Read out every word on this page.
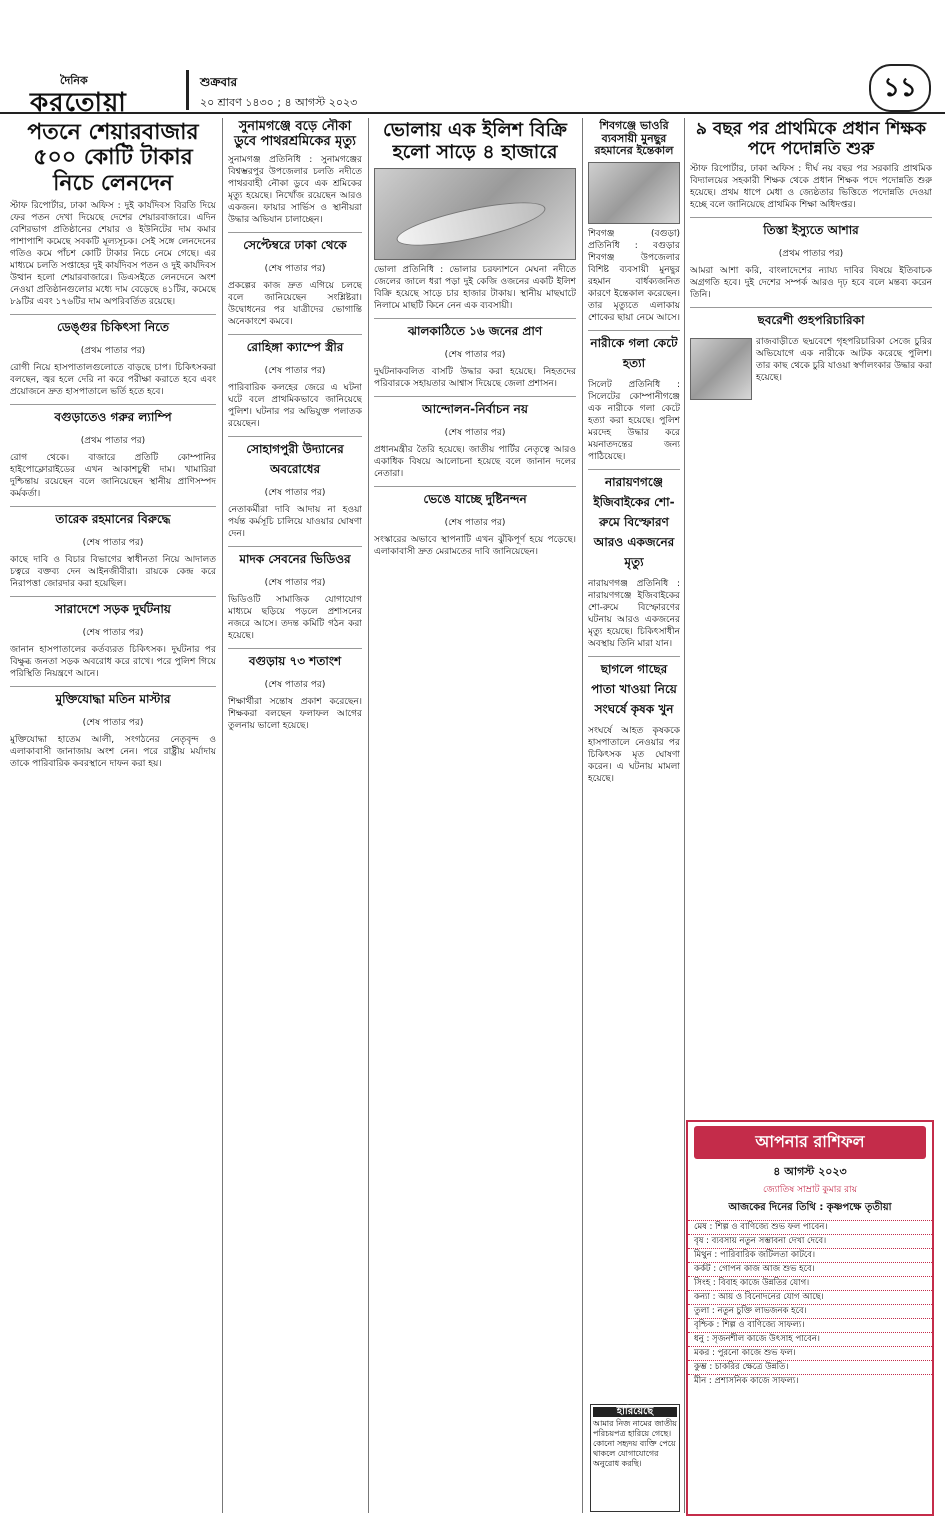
দৈনিক
করতোয়া
শুক্রবার
২০ শ্রাবণ ১৪৩০ ; ৪ আগস্ট ২০২৩	১১
পতনে শেয়ারবাজার ৫০০ কোটি টাকার নিচে লেনদেন
স্টাফ রিপোর্টার, ঢাকা অফিস : দুই কার্যদিবস বিরতি দিয়ে ফের পতন দেখা দিয়েছে দেশের শেয়ারবাজারে। এদিন বেশিরভাগ প্রতিষ্ঠানের শেয়ার ও ইউনিটের দাম কমার পাশাপাশি কমেছে সবকটি মূল্যসূচক। সেই সঙ্গে লেনদেনের গতিও কমে পাঁচশ কোটি টাকার নিচে নেমে গেছে। এর মাধ্যমে চলতি সপ্তাহের দুই কার্যদিবস পতন ও দুই কার্যদিবস উত্থান হলো শেয়ারবাজারে। ডিএসইতে লেনদেনে অংশ নেওয়া প্রতিষ্ঠানগুলোর মধ্যে দাম বেড়েছে ৪১টির, কমেছে ৮৯টির এবং ১৭৬টির দাম অপরিবর্তিত রয়েছে।
ডেঙ্গুর চিকিৎসা নিতে
(প্রথম পাতার পর)
রোগী নিয়ে হাসপাতালগুলোতে বাড়ছে চাপ। চিকিৎসকরা বলছেন, জ্বর হলে দেরি না করে পরীক্ষা করাতে হবে এবং প্রয়োজনে দ্রুত হাসপাতালে ভর্তি হতে হবে।
বগুড়াতেও গরুর ল্যাম্পি
(প্রথম পাতার পর)
রোগ থেকে। বাজারে প্রতিটি কোম্পানির হাইপোক্লোরাইডের এখন আকাশচুম্বী দাম। খামারিরা দুশ্চিন্তায় রয়েছেন বলে জানিয়েছেন স্থানীয় প্রাণিসম্পদ কর্মকর্তা।
তারেক রহমানের বিরুদ্ধে
(শেষ পাতার পর)
কাছে দাবি ও বিচার বিভাগের স্বাধীনতা নিয়ে আদালত চত্বরে বক্তব্য দেন আইনজীবীরা। রায়কে কেন্দ্র করে নিরাপত্তা জোরদার করা হয়েছিল।
সারাদেশে সড়ক দুর্ঘটনায়
(শেষ পাতার পর)
জানান হাসপাতালের কর্তব্যরত চিকিৎসক। দুর্ঘটনার পর বিক্ষুব্ধ জনতা সড়ক অবরোধ করে রাখে। পরে পুলিশ গিয়ে পরিস্থিতি নিয়ন্ত্রণে আনে।
মুক্তিযোদ্ধা মতিন মাস্টার
(শেষ পাতার পর)
মুক্তিযোদ্ধা হাতেম আলী, সংগঠনের নেতৃবৃন্দ ও এলাকাবাসী জানাজায় অংশ নেন। পরে রাষ্ট্রীয় মর্যাদায় তাকে পারিবারিক কবরস্থানে দাফন করা হয়।
সুনামগঞ্জে বড়ে নৌকা ডুবে পাথরশ্রমিকের মৃত্যু
সুনামগঞ্জ প্রতিনিধি : সুনামগঞ্জের বিশ্বম্ভরপুর উপজেলার চলতি নদীতে পাথরবাহী নৌকা ডুবে এক শ্রমিকের মৃত্যু হয়েছে। নিখোঁজ রয়েছেন আরও একজন। ফায়ার সার্ভিস ও স্থানীয়রা উদ্ধার অভিযান চালাচ্ছেন।
সেপ্টেম্বরে ঢাকা থেকে
(শেষ পাতার পর)
প্রকল্পের কাজ দ্রুত এগিয়ে চলছে বলে জানিয়েছেন সংশ্লিষ্টরা। উদ্বোধনের পর যাত্রীদের ভোগান্তি অনেকাংশে কমবে।
রোহিঙ্গা ক্যাম্পে স্ত্রীর
(শেষ পাতার পর)
পারিবারিক কলহের জেরে এ ঘটনা ঘটে বলে প্রাথমিকভাবে জানিয়েছে পুলিশ। ঘটনার পর অভিযুক্ত পলাতক রয়েছেন।
সোহাগপুরী উদ্যানের অবরোধের
(শেষ পাতার পর)
নেতাকর্মীরা দাবি আদায় না হওয়া পর্যন্ত কর্মসূচি চালিয়ে যাওয়ার ঘোষণা দেন।
মাদক সেবনের ভিডিওর
(শেষ পাতার পর)
ভিডিওটি সামাজিক যোগাযোগ মাধ্যমে ছড়িয়ে পড়লে প্রশাসনের নজরে আসে। তদন্ত কমিটি গঠন করা হয়েছে।
বগুড়ায় ৭৩ শতাংশ
(শেষ পাতার পর)
শিক্ষার্থীরা সন্তোষ প্রকাশ করেছেন। শিক্ষকরা বলছেন ফলাফল আগের তুলনায় ভালো হয়েছে।
ভোলায় এক ইলিশ বিক্রি হলো সাড়ে ৪ হাজারে
ভোলা প্রতিনিধি : ভোলার চরফ্যাশনে মেঘনা নদীতে জেলের জালে ধরা পড়া দুই কেজি ওজনের একটি ইলিশ বিক্রি হয়েছে সাড়ে চার হাজার টাকায়। স্থানীয় মাছঘাটে নিলামে মাছটি কিনে নেন এক ব্যবসায়ী।
ঝালকাঠিতে ১৬ জনের প্রাণ
(শেষ পাতার পর)
দুর্ঘটনাকবলিত বাসটি উদ্ধার করা হয়েছে। নিহতদের পরিবারকে সহায়তার আশ্বাস দিয়েছে জেলা প্রশাসন।
আন্দোলন-নির্বাচন নয়
(শেষ পাতার পর)
প্রধানমন্ত্রীর তৈরি হয়েছে। জাতীয় পার্টির নেতৃত্বে আরও একাধিক বিষয়ে আলোচনা হয়েছে বলে জানান দলের নেতারা।
ভেঙে যাচ্ছে দুষ্টিনন্দন
(শেষ পাতার পর)
সংস্কারের অভাবে স্থাপনাটি এখন ঝুঁকিপূর্ণ হয়ে পড়েছে। এলাকাবাসী দ্রুত মেরামতের দাবি জানিয়েছেন।
শিবগঞ্জে ভাওরি ব্যবসায়ী মুনছুর রহমানের ইন্তেকাল
শিবগঞ্জ (বগুড়া) প্রতিনিধি : বগুড়ার শিবগঞ্জ উপজেলার বিশিষ্ট ব্যবসায়ী মুনছুর রহমান বার্ধক্যজনিত কারণে ইন্তেকাল করেছেন। তার মৃত্যুতে এলাকায় শোকের ছায়া নেমে আসে।
নারীকে গলা কেটে হত্যা
সিলেট প্রতিনিধি : সিলেটের কোম্পানীগঞ্জে এক নারীকে গলা কেটে হত্যা করা হয়েছে। পুলিশ মরদেহ উদ্ধার করে ময়নাতদন্তের জন্য পাঠিয়েছে।
নারায়ণগঞ্জে ইজিবাইকের শো-রুমে বিস্ফোরণ আরও একজনের মৃত্যু
নারায়ণগঞ্জ প্রতিনিধি : নারায়ণগঞ্জে ইজিবাইকের শো-রুমে বিস্ফোরণের ঘটনায় আরও একজনের মৃত্যু হয়েছে। চিকিৎসাধীন অবস্থায় তিনি মারা যান।
ছাগলে গাছের পাতা খাওয়া নিয়ে সংঘর্ষে কৃষক খুন
সংঘর্ষে আহত কৃষককে হাসপাতালে নেওয়ার পর চিকিৎসক মৃত ঘোষণা করেন। এ ঘটনায় মামলা হয়েছে।
হারিয়েছে
আমার নিজ নামের জাতীয় পরিচয়পত্র হারিয়ে গেছে। কোনো সহৃদয় ব্যক্তি পেয়ে থাকলে যোগাযোগের অনুরোধ করছি।
৯ বছর পর প্রাথমিকে প্রধান শিক্ষক পদে পদোন্নতি শুরু
স্টাফ রিপোর্টার, ঢাকা অফিস : দীর্ঘ নয় বছর পর সরকারি প্রাথমিক বিদ্যালয়ের সহকারী শিক্ষক থেকে প্রধান শিক্ষক পদে পদোন্নতি শুরু হয়েছে। প্রথম ধাপে মেধা ও জ্যেষ্ঠতার ভিত্তিতে পদোন্নতি দেওয়া হচ্ছে বলে জানিয়েছে প্রাথমিক শিক্ষা অধিদপ্তর।
তিস্তা ইস্যুতে আশার
(প্রথম পাতার পর)
আমরা আশা করি, বাংলাদেশের ন্যায্য দাবির বিষয়ে ইতিবাচক অগ্রগতি হবে। দুই দেশের সম্পর্ক আরও দৃঢ় হবে বলে মন্তব্য করেন তিনি।
ছবরেশী গুহপরিচারিকা
রাজবাড়ীতে ছদ্মবেশে গৃহপরিচারিকা সেজে চুরির অভিযোগে এক নারীকে আটক করেছে পুলিশ। তার কাছ থেকে চুরি যাওয়া স্বর্ণালংকার উদ্ধার করা হয়েছে।
আপনার রাশিফল
৪ আগস্ট ২০২৩
জ্যোতিষ সাম্রাট কুমার রায়
আজকের দিনের তিথি : কৃষ্ণপক্ষে তৃতীয়া
মেষ : শিল্প ও বাণিজ্যে শুভ ফল পাবেন।
বৃষ : ব্যবসায় নতুন সম্ভাবনা দেখা দেবে।
মিথুন : পারিবারিক জটিলতা কাটবে।
কর্কট : গোপন কাজ আজ শুভ হবে।
সিংহ : বিবাহ কাজে উন্নতির যোগ।
কন্যা : আয় ও বিনোদনের যোগ আছে।
তুলা : নতুন চুক্তি লাভজনক হবে।
বৃশ্চিক : শিল্প ও বাণিজ্যে সাফল্য।
ধনু : সৃজনশীল কাজে উৎসাহ পাবেন।
মকর : পুরনো কাজে শুভ ফল।
কুম্ভ : চাকরির ক্ষেত্রে উন্নতি।
মীন : প্রশাসনিক কাজে সাফল্য।
